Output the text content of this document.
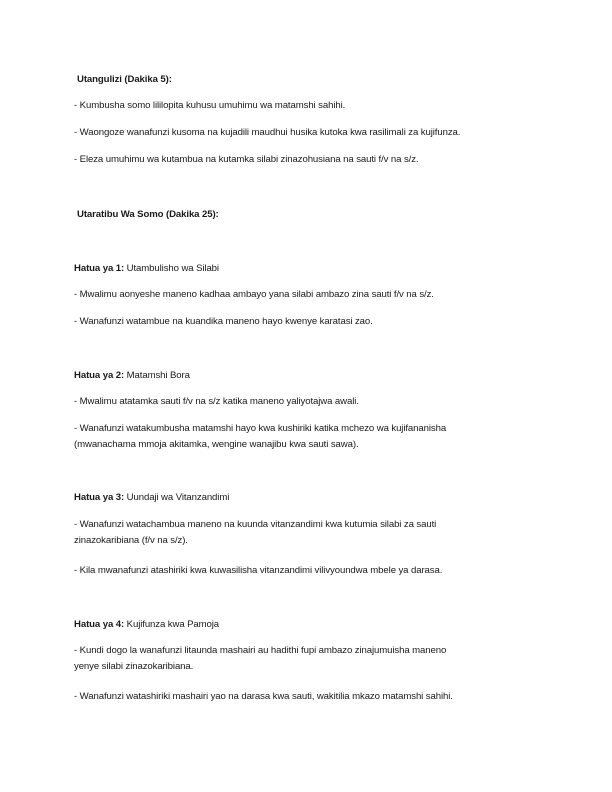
Utangulizi (Dakika 5):
- Kumbusha somo lililopita kuhusu umuhimu wa matamshi sahihi.
- Waongoze wanafunzi kusoma na kujadili maudhui husika kutoka kwa rasilimali za kujifunza.
- Eleza umuhimu wa kutambua na kutamka silabi zinazohusiana na sauti f/v na s/z.
Utaratibu Wa Somo (Dakika 25):
Hatua ya 1: Utambulisho wa Silabi
- Mwalimu aonyeshe maneno kadhaa ambayo yana silabi ambazo zina sauti f/v na s/z.
- Wanafunzi watambue na kuandika maneno hayo kwenye karatasi zao.
Hatua ya 2: Matamshi Bora
- Mwalimu atatamka sauti f/v na s/z katika maneno yaliyotajwa awali.
- Wanafunzi watakumbusha matamshi hayo kwa kushiriki katika mchezo wa kujifananisha
(mwanachama mmoja akitamka, wengine wanajibu kwa sauti sawa).
Hatua ya 3: Uundaji wa Vitanzandimi
- Wanafunzi watachambua maneno na kuunda vitanzandimi kwa kutumia silabi za sauti
zinazokaribiana (f/v na s/z).
- Kila mwanafunzi atashiriki kwa kuwasilisha vitanzandimi vilivyoundwa mbele ya darasa.
Hatua ya 4: Kujifunza kwa Pamoja
- Kundi dogo la wanafunzi litaunda mashairi au hadithi fupi ambazo zinajumuisha maneno
yenye silabi zinazokaribiana.
- Wanafunzi watashiriki mashairi yao na darasa kwa sauti, wakitilia mkazo matamshi sahihi.
